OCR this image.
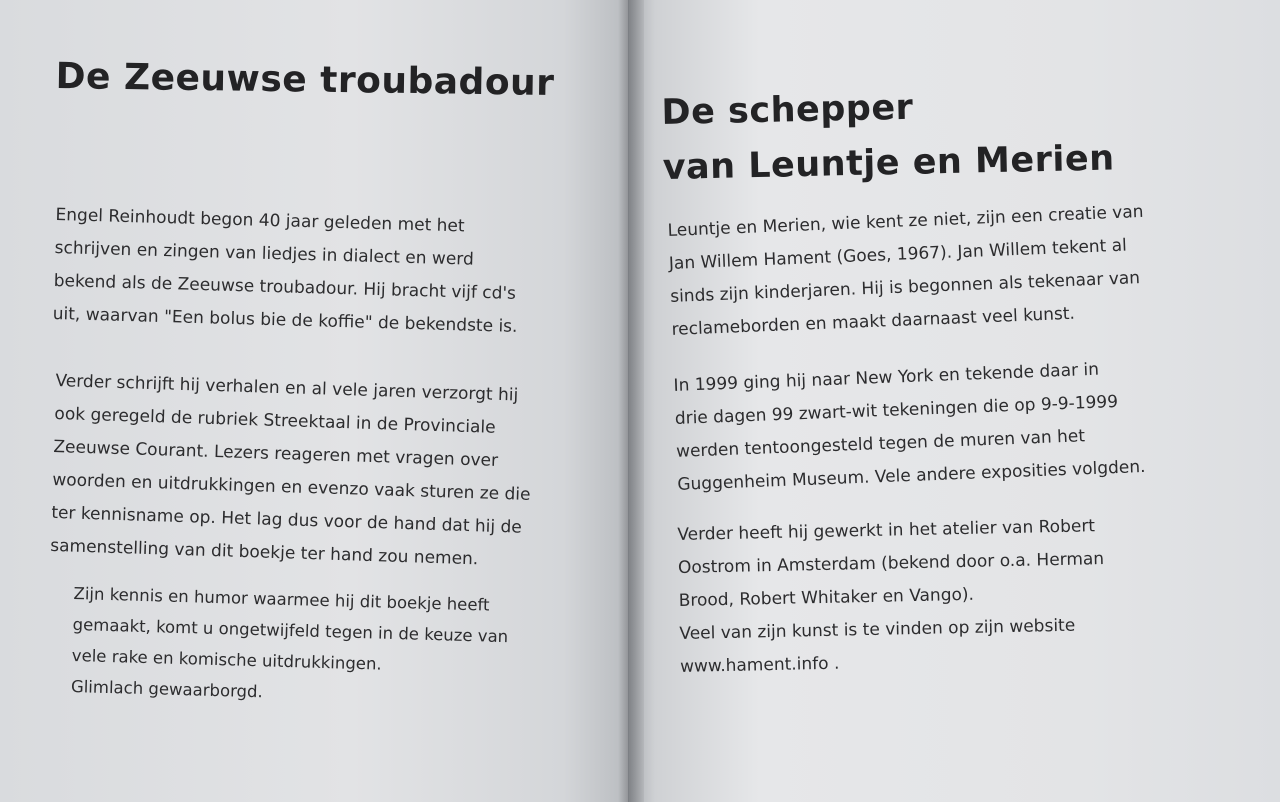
De Zeeuwse troubadour
Engel Reinhoudt begon 40 jaar geleden met het
schrijven en zingen van liedjes in dialect en werd
bekend als de Zeeuwse troubadour. Hij bracht vijf cd's
uit, waarvan "Een bolus bie de koffie" de bekendste is.
Verder schrijft hij verhalen en al vele jaren verzorgt hij
ook geregeld de rubriek Streektaal in de Provinciale
Zeeuwse Courant. Lezers reageren met vragen over
woorden en uitdrukkingen en evenzo vaak sturen ze die
ter kennisname op. Het lag dus voor de hand dat hij de
samenstelling van dit boekje ter hand zou nemen.
Zijn kennis en humor waarmee hij dit boekje heeft
gemaakt, komt u ongetwijfeld tegen in de keuze van
vele rake en komische uitdrukkingen.
Glimlach gewaarborgd.
De schepper
van Leuntje en Merien
Leuntje en Merien, wie kent ze niet, zijn een creatie van
Jan Willem Hament (Goes, 1967). Jan Willem tekent al
sinds zijn kinderjaren. Hij is begonnen als tekenaar van
reclameborden en maakt daarnaast veel kunst.
In 1999 ging hij naar New York en tekende daar in
drie dagen 99 zwart-wit tekeningen die op 9-9-1999
werden tentoongesteld tegen de muren van het
Guggenheim Museum. Vele andere exposities volgden.
Verder heeft hij gewerkt in het atelier van Robert
Oostrom in Amsterdam (bekend door o.a. Herman
Brood, Robert Whitaker en Vango).
Veel van zijn kunst is te vinden op zijn website
www.hament.info .
